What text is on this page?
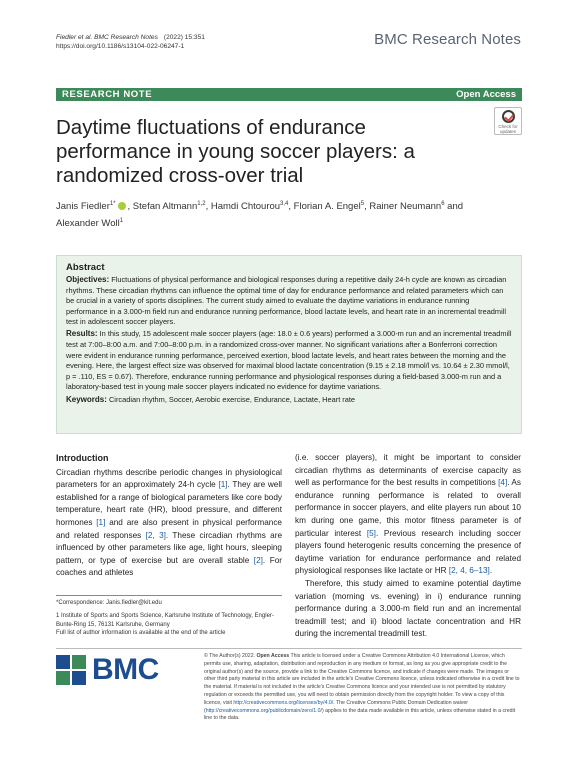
Fiedler et al. BMC Research Notes (2022) 15:351
https://doi.org/10.1186/s13104-022-06247-1	BMC Research Notes
RESEARCH NOTE	Open Access
Check for updates
Daytime fluctuations of endurance performance in young soccer players: a randomized cross-over trial
Janis Fiedler$^{1*}$ , Stefan Altmann$^{1,2}$, Hamdi Chtourou$^{3,4}$, Florian A. Engel$^5$, Rainer Neumann$^6$ and Alexander Woll$^1$
Abstract

Objectives: Fluctuations of physical performance and biological responses during a repetitive daily 24-h cycle are known as circadian rhythms. These circadian rhythms can influence the optimal time of day for endurance performance and related parameters which can be crucial in a variety of sports disciplines. The current study aimed to evaluate the daytime variations in endurance running performance in a 3.000-m field run and endurance running performance, blood lactate levels, and heart rate in an incremental treadmill test in adolescent soccer players.

Results: In this study, 15 adolescent male soccer players (age: 18.0 ± 0.6 years) performed a 3.000-m run and an incremental treadmill test at 7:00–8:00 a.m. and 7:00–8:00 p.m. in a randomized cross-over manner. No significant variations after a Bonferroni correction were evident in endurance running performance, perceived exertion, blood lactate levels, and heart rates between the morning and the evening. Here, the largest effect size was observed for maximal blood lactate concentration (9.15 ± 2.18 mmol/l vs. 10.64 ± 2.30 mmol/l, p = .110, ES = 0.67). Therefore, endurance running performance and physiological responses during a field-based 3.000-m run and a laboratory-based test in young male soccer players indicated no evidence for daytime variations.

Keywords: Circadian rhythm, Soccer, Aerobic exercise, Endurance, Lactate, Heart rate

Introduction

Circadian rhythms describe periodic changes in physiological parameters for an approximately 24-h cycle [1]. They are well established for a range of biological parameters like core body temperature, heart rate (HR), blood pressure, and different hormones [1] and are also present in physical performance and related responses [2, 3]. These circadian rhythms are influenced by other parameters like age, light hours, sleeping pattern, or type of exercise but are overall stable [2]. For coaches and athletes

*Correspondence: Janis.fiedler@kit.edu
1 Institute of Sports and Sports Science, Karlsruhe Institute of Technology, Engler-Bunte-Ring 15, 76131 Karlsruhe, Germany
Full list of author information is available at the end of the article

(i.e. soccer players), it might be important to consider circadian rhythms as determinants of exercise capacity as well as performance for the best results in competitions [4]. As endurance running performance is related to overall performance in soccer players, and elite players run about 10 km during one game, this motor fitness parameter is of particular interest [5]. Previous research including soccer players found heterogenic results concerning the presence of daytime variation for endurance performance and related physiological responses like lactate or HR [2, 4, 6–13].

Therefore, this study aimed to examine potential daytime variation (morning vs. evening) in i) endurance running performance during a 3.000-m field run and an incremental treadmill test; and ii) blood lactate concentration and HR during the incremental treadmill test.

BMC	© The Author(s) 2022. Open Access This article is licensed under a Creative Commons Attribution 4.0 International License, which permits use, sharing, adaptation, distribution and reproduction in any medium or format, as long as you give appropriate credit to the original author(s) and the source, provide a link to the Creative Commons licence, and indicate if changes were made. The images or other third party material in this article are included in the article's Creative Commons licence, unless indicated otherwise in a credit line to the material. If material is not included in the article's Creative Commons licence and your intended use is not permitted by statutory regulation or exceeds the permitted use, you will need to obtain permission directly from the copyright holder. To view a copy of this licence, visit http://creativecommons.org/licenses/by/4.0/. The Creative Commons Public Domain Dedication waiver (http://creativecommons.org/publicdomain/zero/1.0/) applies to the data made available in this article, unless otherwise stated in a credit line to the data.
